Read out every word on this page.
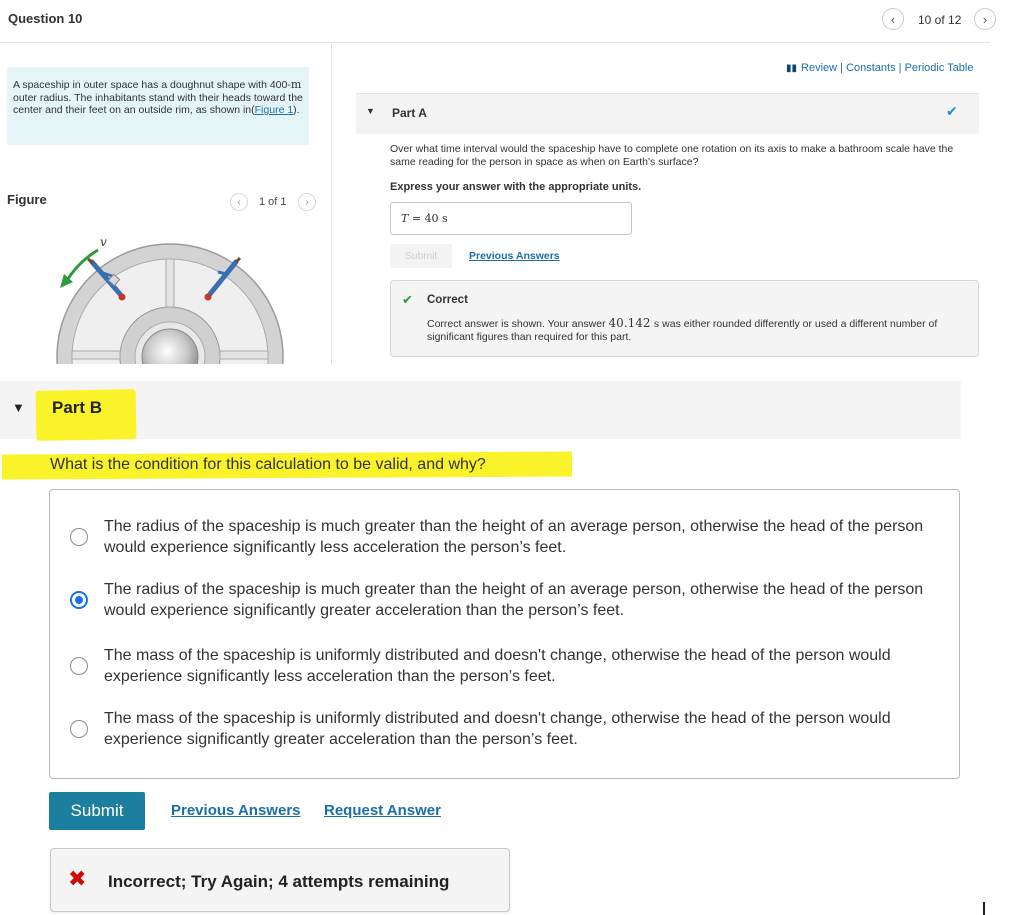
Question 10	‹ 10 of 12 ›
A spaceship in outer space has a doughnut shape with 400-m outer radius. The inhabitants stand with their heads toward the center and their feet on an outside rim, as shown in(Figure 1).
Figure	‹ 1 of 1 ›
v
▮▮ Review | Constants | Periodic Table
▼ Part A	✔
Over what time interval would the spaceship have to complete one rotation on its axis to make a bathroom scale have the same reading for the person in space as when on Earth's surface?
Express your answer with the appropriate units.
T = 40 s
Submit	Previous Answers
✔ Correct
Correct answer is shown. Your answer 40.142 s was either rounded differently or used a different number of significant figures than required for this part.
▼ Part B
What is the condition for this calculation to be valid, and why?
The radius of the spaceship is much greater than the height of an average person, otherwise the head of the person would experience significantly less acceleration the person’s feet.
The radius of the spaceship is much greater than the height of an average person, otherwise the head of the person would experience significantly greater acceleration than the person’s feet.
The mass of the spaceship is uniformly distributed and doesn't change, otherwise the head of the person would experience significantly less acceleration than the person’s feet.
The mass of the spaceship is uniformly distributed and doesn't change, otherwise the head of the person would experience significantly greater acceleration than the person’s feet.
Submit	Previous Answers Request Answer
✖ Incorrect; Try Again; 4 attempts remaining
